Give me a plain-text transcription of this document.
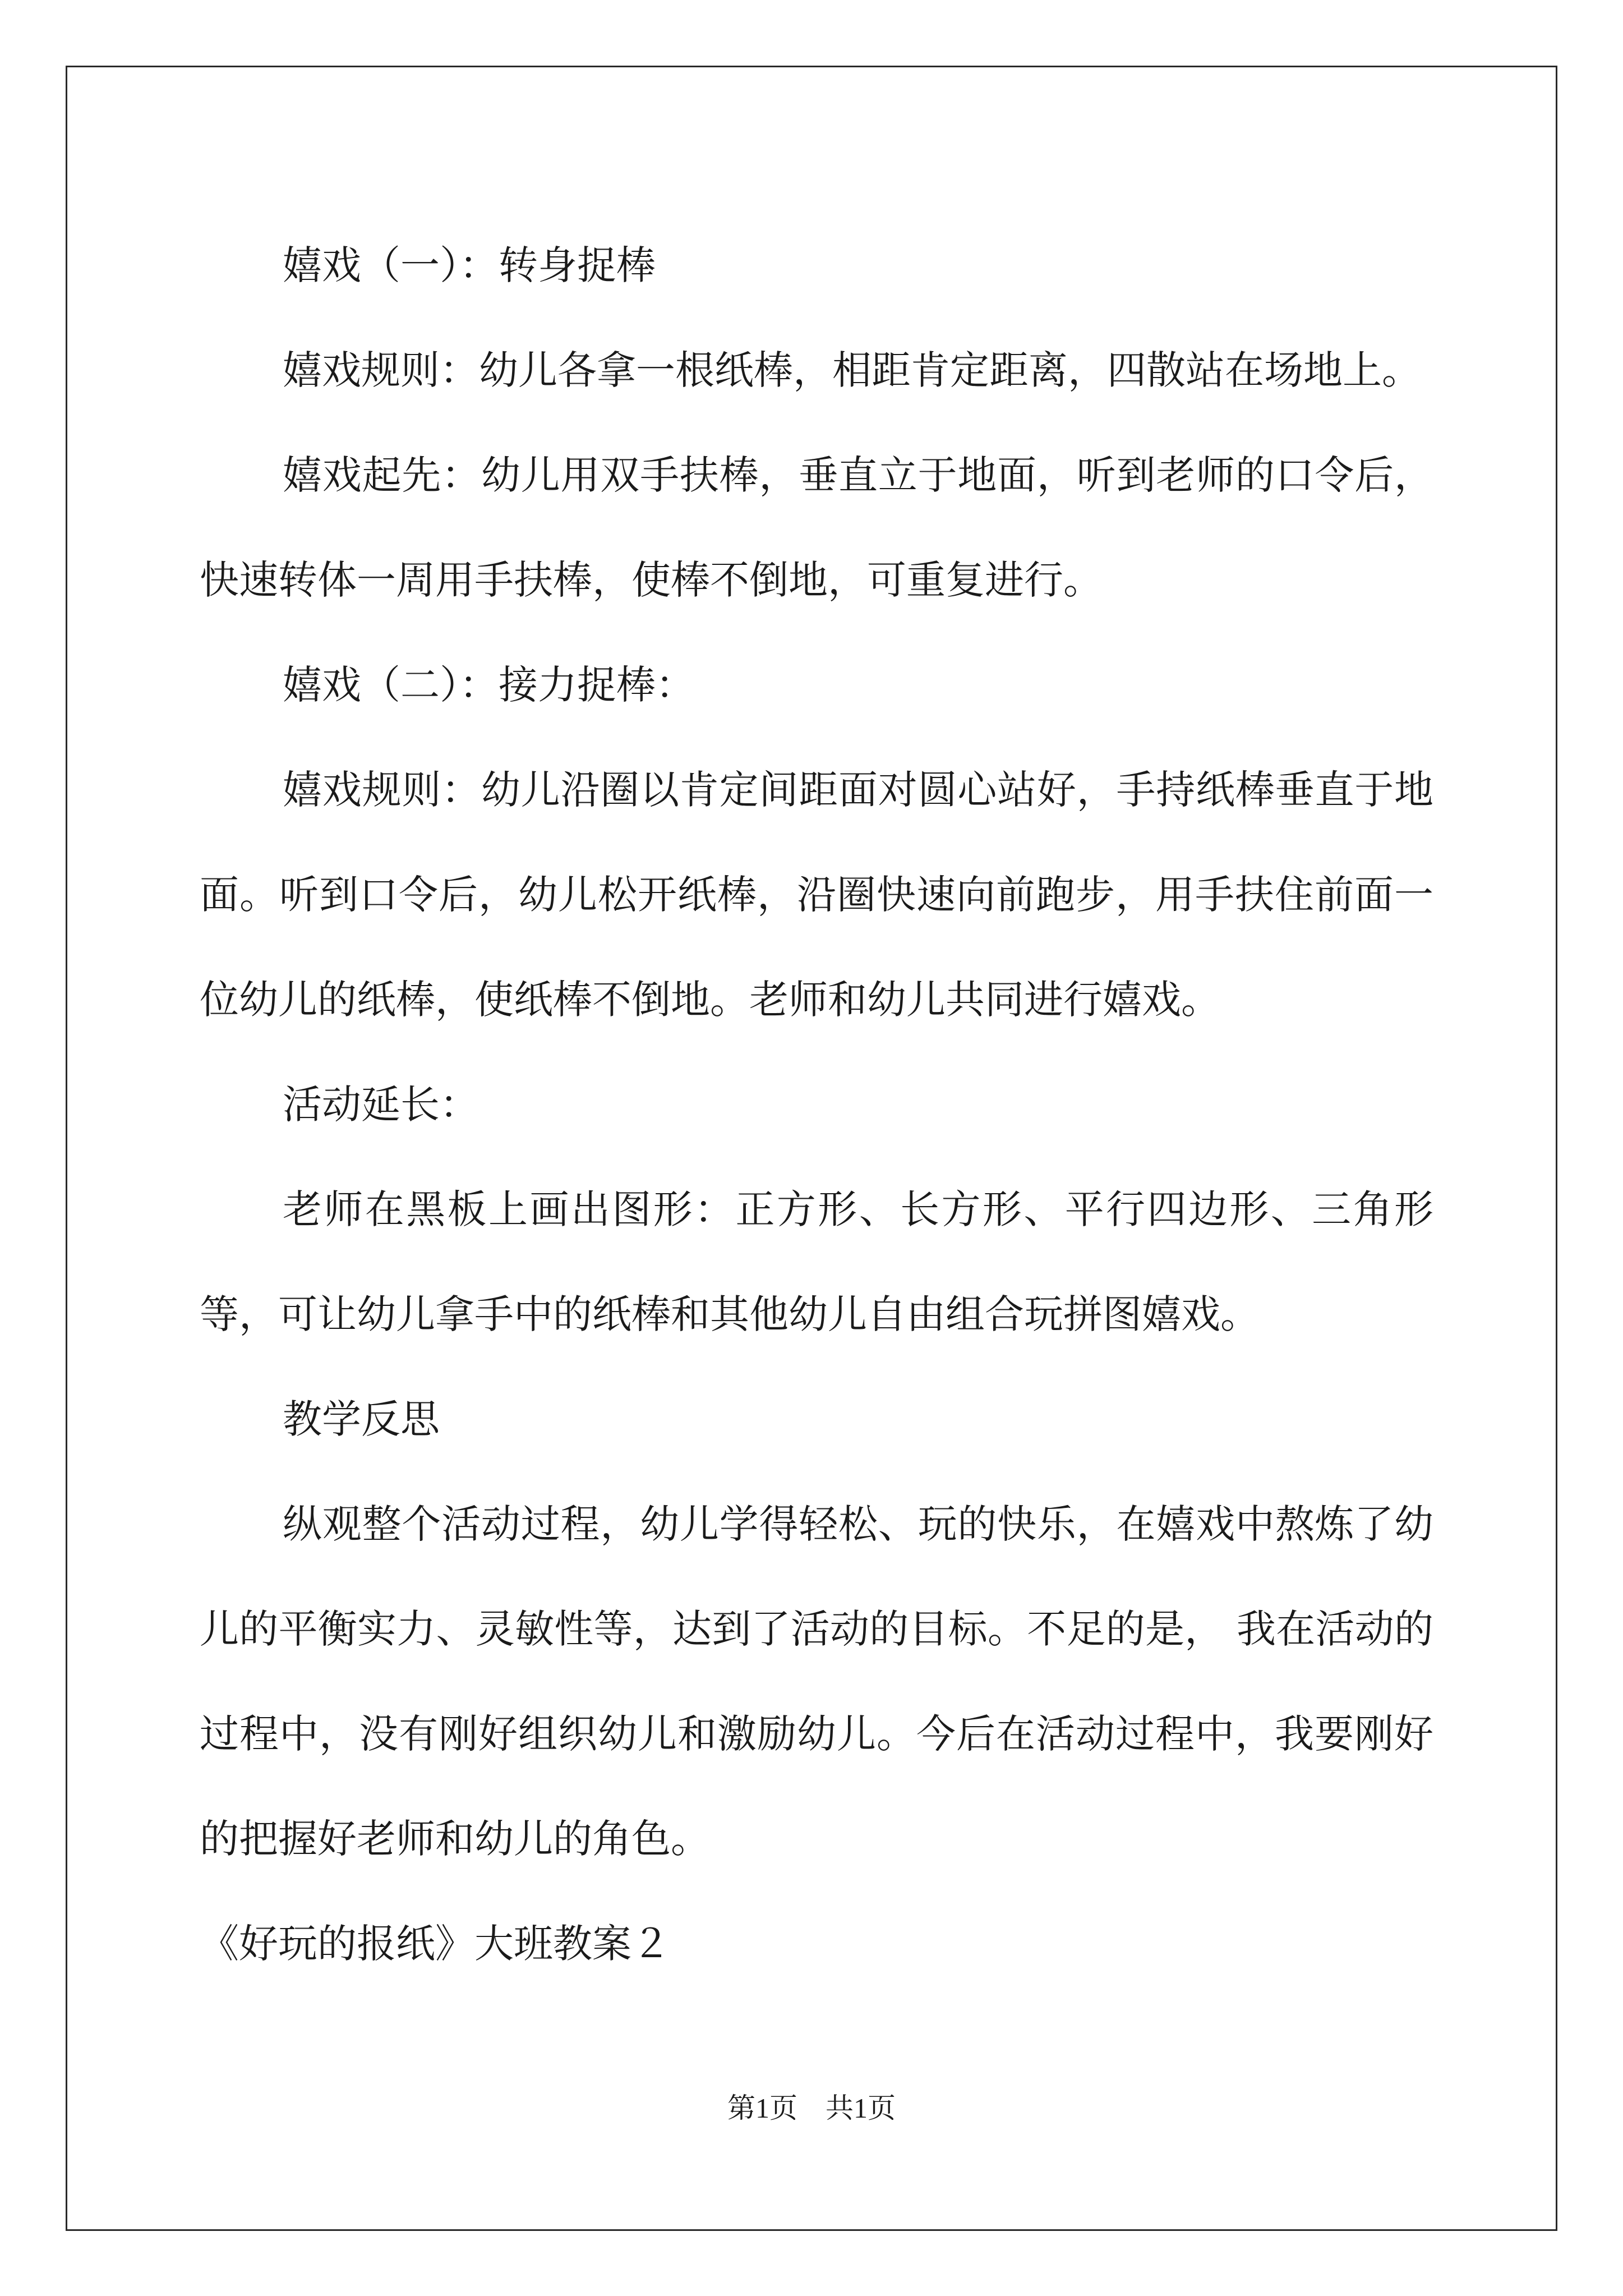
嬉戏（一）：转身捉棒

嬉戏规则：幼儿各拿一根纸棒，相距肯定距离，四散站在场地上。

嬉戏起先：幼儿用双手扶棒，垂直立于地面，听到老师的口令后，快速转体一周用手扶棒，使棒不倒地，可重复进行。

嬉戏（二）：接力捉棒：

嬉戏规则：幼儿沿圈以肯定间距面对圆心站好，手持纸棒垂直于地面。听到口令后，幼儿松开纸棒，沿圈快速向前跑步，用手扶住前面一位幼儿的纸棒，使纸棒不倒地。老师和幼儿共同进行嬉戏。

活动延长：

老师在黑板上画出图形：正方形、长方形、平行四边形、三角形等，可让幼儿拿手中的纸棒和其他幼儿自由组合玩拼图嬉戏。

教学反思

纵观整个活动过程，幼儿学得轻松、玩的快乐，在嬉戏中熬炼了幼儿的平衡实力、灵敏性等，达到了活动的目标。不足的是， 我在活动的过程中，没有刚好组织幼儿和激励幼儿。今后在活动过程中，我要刚好的把握好老师和幼儿的角色。

《好玩的报纸》大班教案２

第1页　共1页
